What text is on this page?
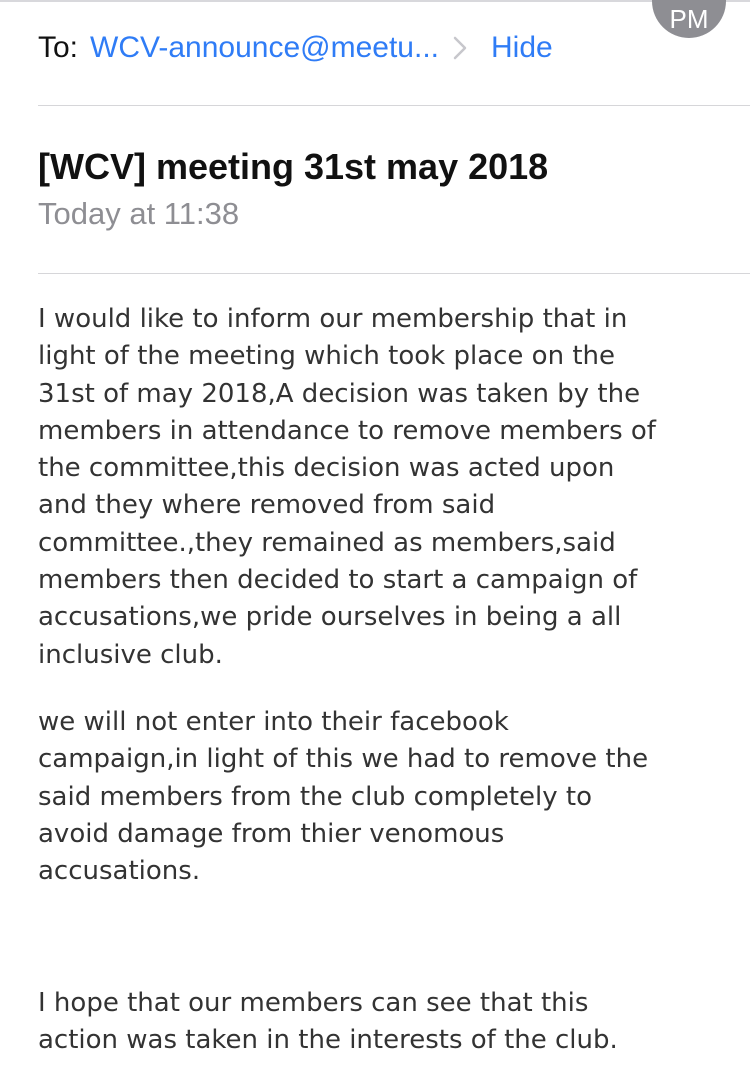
PM
To: WCV-announce@meetu... Hide
[WCV] meeting 31st may 2018
Today at 11:38

I would like to inform our membership that in
light of the meeting which took place on the
31st of may 2018,A decision was taken by the
members in attendance to remove members of
the committee,this decision was acted upon
and they where removed from said
committee.,they remained as members,said
members then decided to start a campaign of
accusations,we pride ourselves in being a all
inclusive club.

we will not enter into their facebook
campaign,in light of this we had to remove the
said members from the club completely to
avoid damage from thier venomous
accusations.

I hope that our members can see that this
action was taken in the interests of the club.
